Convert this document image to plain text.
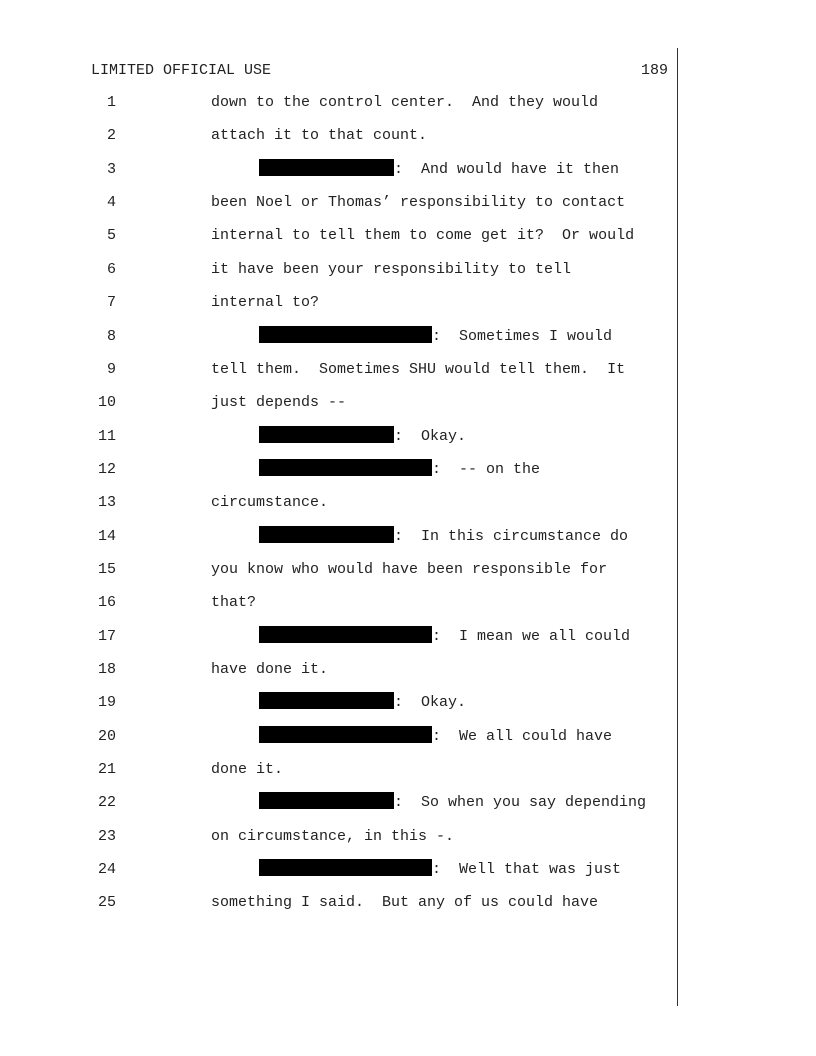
LIMITED OFFICIAL USE	189
1	down to the control center.  And they would
2	attach it to that count.
3	:  And would have it then
4	been Noel or Thomas’ responsibility to contact
5	internal to tell them to come get it?  Or would
6	it have been your responsibility to tell
7	internal to?
8	:  Sometimes I would
9	tell them.  Sometimes SHU would tell them.  It
10	just depends --
11	:  Okay.
12	:  -- on the
13	circumstance.
14	:  In this circumstance do
15	you know who would have been responsible for
16	that?
17	:  I mean we all could
18	have done it.
19	:  Okay.
20	:  We all could have
21	done it.
22	:  So when you say depending
23	on circumstance, in this -.
24	:  Well that was just
25	something I said.  But any of us could have
